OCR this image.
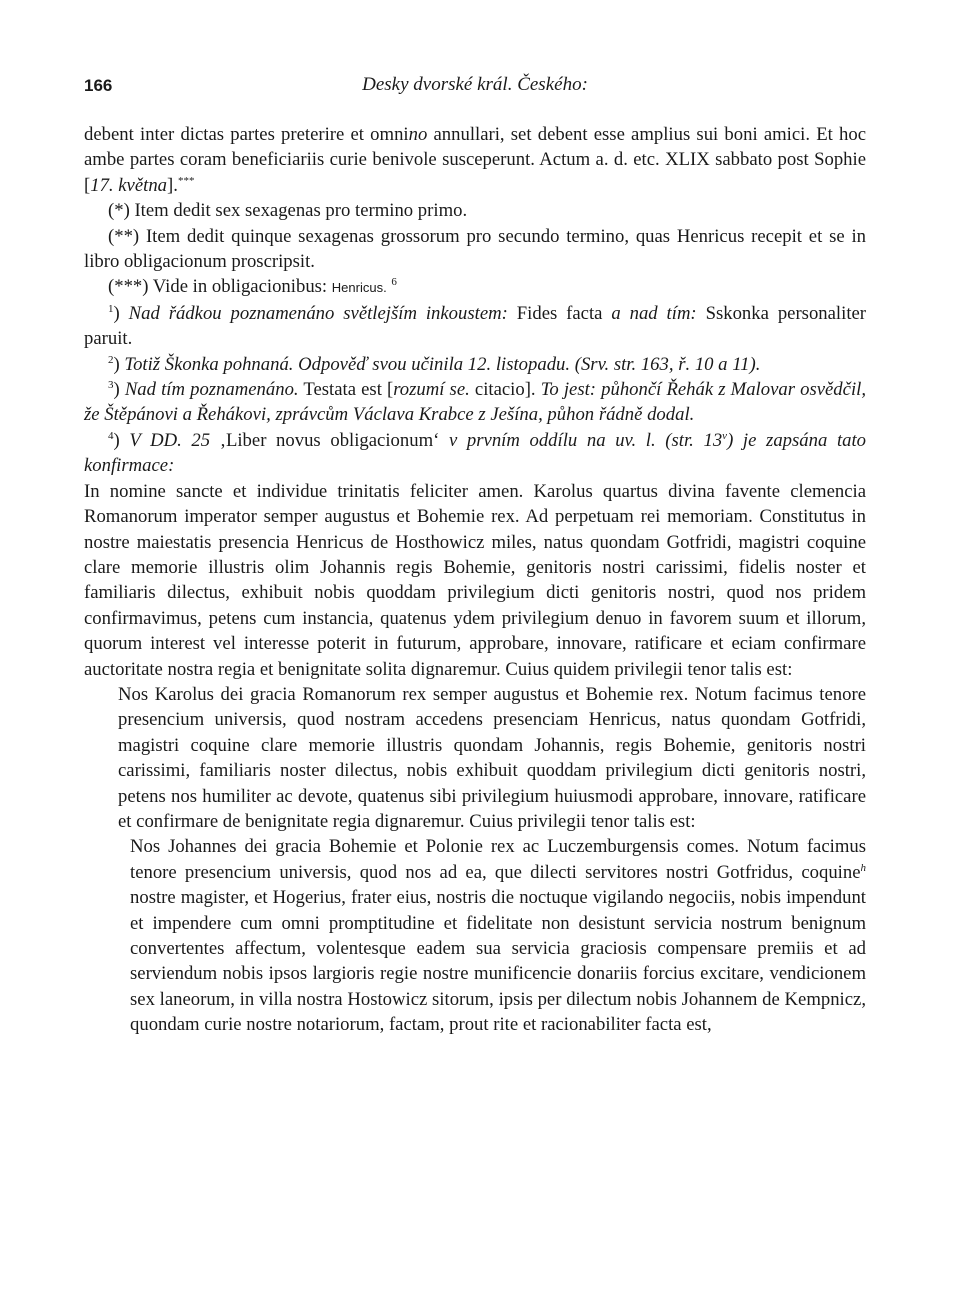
166	Desky dvorské král. Českého:

debent inter dictas partes preterire et omnino annullari, set debent esse amplius sui boni amici. Et hoc ambe partes coram beneficiariis curie benivole susceperunt. Actum a. d. etc. XLIX sabbato post Sophie [17. května].***

(*) Item dedit sex sexagenas pro termino primo.

(**) Item dedit quinque sexagenas grossorum pro secundo termino, quas Henricus recepit et se in libro obligacionum proscripsit.

(***) Vide in obligacionibus: Henricus. $^6$

$^1$) Nad řádkou poznamenáno světlejším inkoustem: Fides facta a nad tím: Sskonka personaliter paruit.

$^2$) Totiž Škonka pohnaná. Odpověď svou učinila 12. listopadu. (Srv. str. 163, ř. 10 a 11).

$^3$) Nad tím poznamenáno. Testata est [rozumí se. citacio]. To jest: půhončí Řehák z Malovar osvědčil, že Štěpánovi a Řehákovi, zprávcům Václava Krabce z Ješína, půhon řádně dodal.

$^4$) V DD. 25 ‚Liber novus obligacionum‘ v prvním oddílu na uv. l. (str. 13$^v$) je zapsána tato konfirmace:

In nomine sancte et individue trinitatis feliciter amen. Karolus quartus divina favente clemencia Romanorum imperator semper augustus et Bohemie rex. Ad perpetuam rei memoriam. Constitutus in nostre maiestatis presencia Henricus de Hosthowicz miles, natus quondam Gotfridi, magistri coquine clare memorie illustris olim Johannis regis Bohemie, genitoris nostri carissimi, fidelis noster et familiaris dilectus, exhibuit nobis quoddam privilegium dicti genitoris nostri, quod nos pridem confirmavimus, petens cum instancia, quatenus ydem privilegium denuo in favorem suum et illorum, quorum interest vel interesse poterit in futurum, approbare, innovare, ratificare et eciam confirmare auctoritate nostra regia et benignitate solita dignaremur. Cuius quidem privilegii tenor talis est:

Nos Karolus dei gracia Romanorum rex semper augustus et Bohemie rex. Notum facimus tenore presencium universis, quod nostram accedens presenciam Henricus, natus quondam Gotfridi, magistri coquine clare memorie illustris quondam Johannis, regis Bohemie, genitoris nostri carissimi, familiaris noster dilectus, nobis exhibuit quoddam privilegium dicti genitoris nostri, petens nos humiliter ac devote, quatenus sibi privilegium huiusmodi approbare, innovare, ratificare et confirmare de benignitate regia dignaremur. Cuius privilegii tenor talis est:

Nos Johannes dei gracia Bohemie et Polonie rex ac Luczemburgensis comes. Notum facimus tenore presencium universis, quod nos ad ea, que dilecti servitores nostri Gotfridus, coquine$^h$ nostre magister, et Hogerius, frater eius, nostris die noctuque vigilando negociis, nobis impendunt et impendere cum omni promptitudine et fidelitate non desistunt servicia nostrum benignum convertentes affectum, volentesque eadem sua servicia graciosis compensare premiis et ad serviendum nobis ipsos largioris regie nostre munificencie donariis forcius excitare, vendicionem sex laneorum, in villa nostra Hostowicz sitorum, ipsis per dilectum nobis Johannem de Kempnicz, quondam curie nostre notariorum, factam, prout rite et racionabiliter facta est,
